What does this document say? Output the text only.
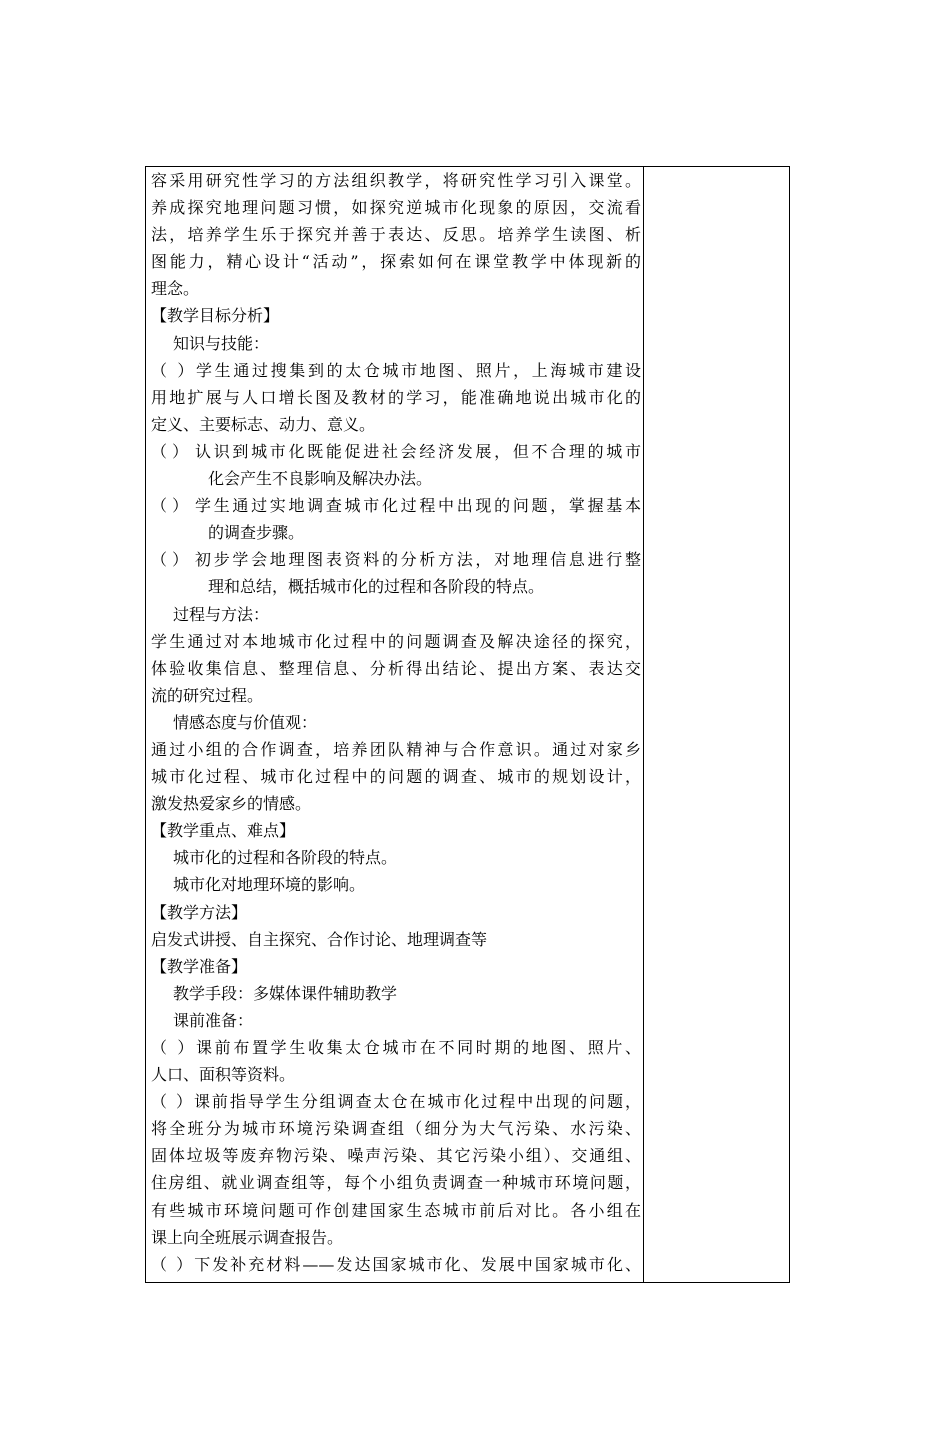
容采用研究性学习的方法组织教学，将研究性学习引入课堂。

养成探究地理问题习惯，如探究逆城市化现象的原因，交流看

法，培养学生乐于探究并善于表达、反思。培养学生读图、析

图能力，精心设计“活动”，探索如何在课堂教学中体现新的

理念。

【教学目标分析】

知识与技能：

（ ）学生通过搜集到的太仓城市地图、照片，上海城市建设

用地扩展与人口增长图及教材的学习，能准确地说出城市化的

定义、主要标志、动力、意义。

（ ） 认识到城市化既能促进社会经济发展，但不合理的城市

化会产生不良影响及解决办法。

（ ） 学生通过实地调查城市化过程中出现的问题，掌握基本

的调查步骤。

（ ） 初步学会地理图表资料的分析方法，对地理信息进行整

理和总结，概括城市化的过程和各阶段的特点。

过程与方法：

学生通过对本地城市化过程中的问题调查及解决途径的探究，

体验收集信息、整理信息、分析得出结论、提出方案、表达交

流的研究过程。

情感态度与价值观：

通过小组的合作调查，培养团队精神与合作意识。通过对家乡

城市化过程、城市化过程中的问题的调查、城市的规划设计，

激发热爱家乡的情感。

【教学重点、难点】

城市化的过程和各阶段的特点。

城市化对地理环境的影响。

【教学方法】

启发式讲授、自主探究、合作讨论、地理调查等

【教学准备】

教学手段：多媒体课件辅助教学

课前准备：

（ ）课前布置学生收集太仓城市在不同时期的地图、照片、

人口、面积等资料。

（ ）课前指导学生分组调查太仓在城市化过程中出现的问题，

将全班分为城市环境污染调查组（细分为大气污染、水污染、

固体垃圾等废弃物污染、噪声污染、其它污染小组）、交通组、

住房组、就业调查组等，每个小组负责调查一种城市环境问题，

有些城市环境问题可作创建国家生态城市前后对比。各小组在

课上向全班展示调查报告。

（ ）下发补充材料——发达国家城市化、发展中国家城市化、
